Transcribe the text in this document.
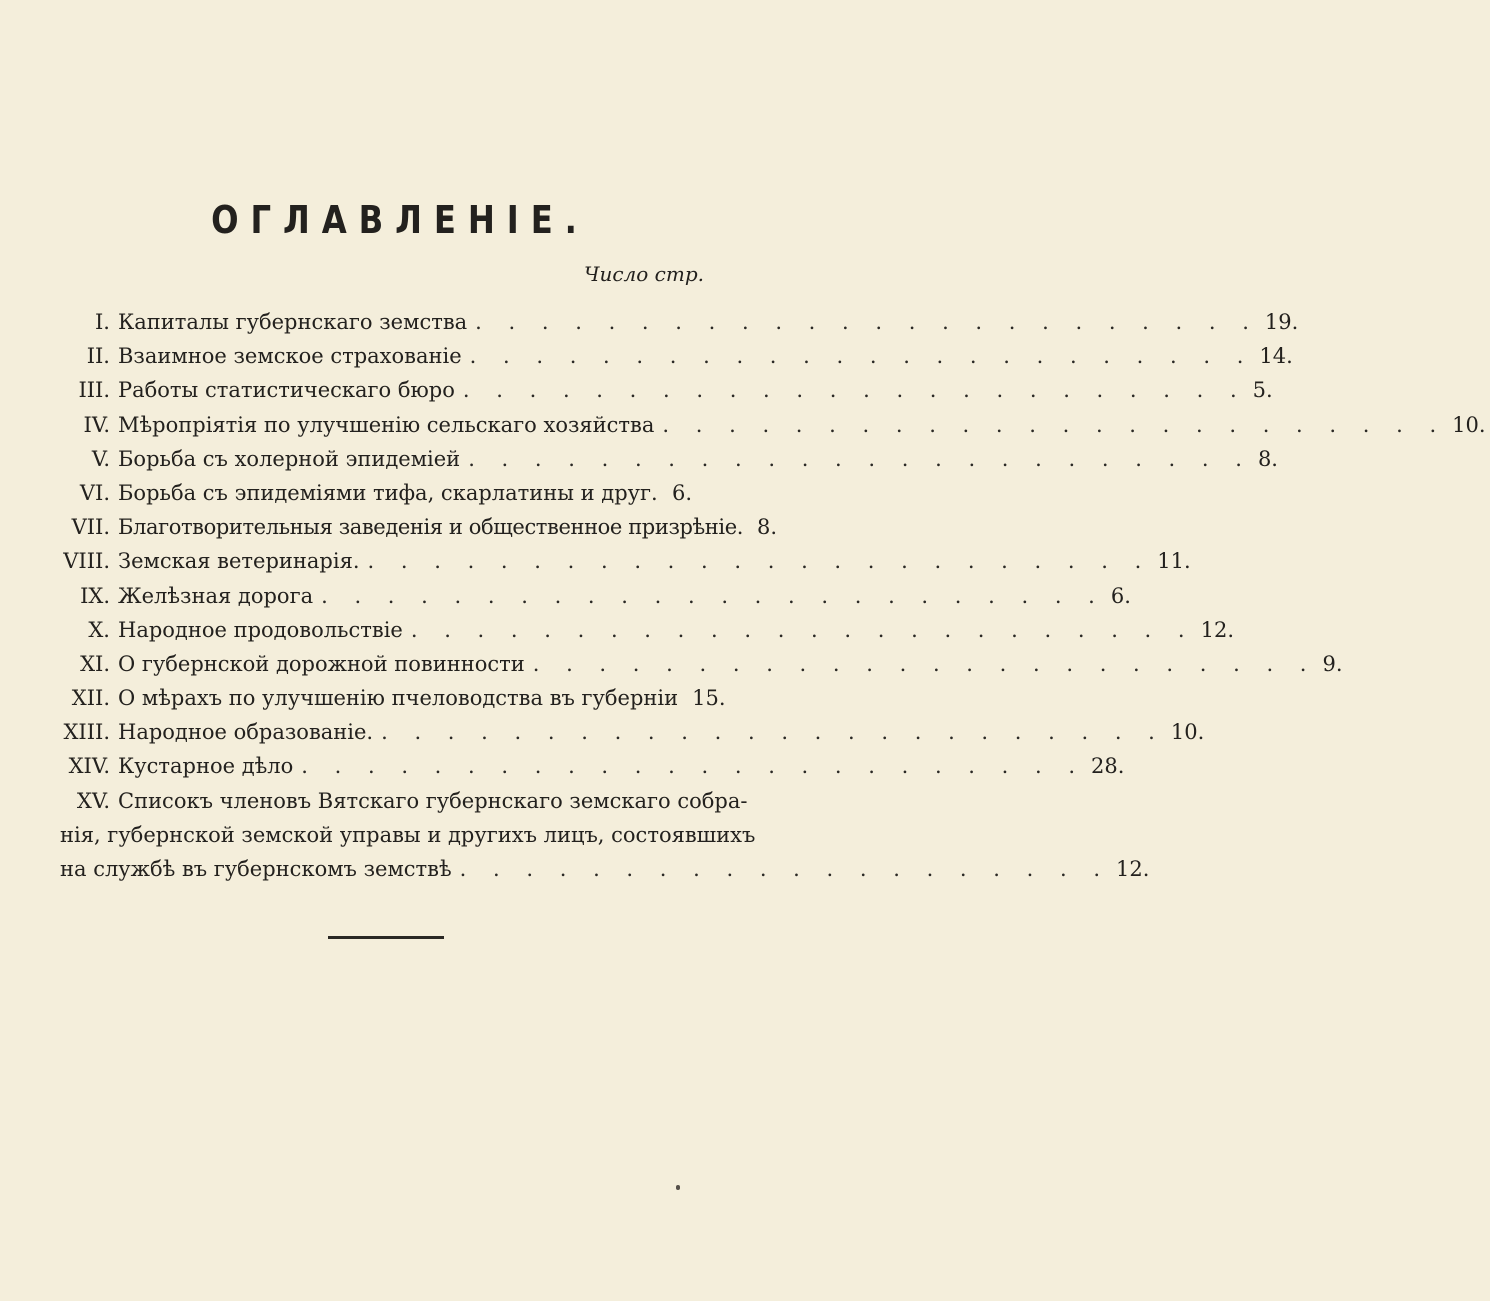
ОГЛАВЛЕНІЕ.

Число стр.

I. Капиталы губернскаго земства . . . . . . . . . . . . . . . . . . . . . . . . 19.
II. Взаимное земское страхованіе . . . . . . . . . . . . . . . . . . . . . . . . 14.
III. Работы статистическаго бюро . . . . . . . . . . . . . . . . . . . . . . . . 5.
IV. Мѣропріятія по улучшенію сельскаго хозяйства . . . . . . . . . . . . . . . . . . . . . . . . 10.
V. Борьба съ холерной эпидеміей . . . . . . . . . . . . . . . . . . . . . . . . 8.
VI. Борьба съ эпидеміями тифа, скарлатины и друг. 6.
VII. Благотворительныя заведенія и общественное призрѣніе. 8.
VIII. Земская ветеринарія. . . . . . . . . . . . . . . . . . . . . . . . . 11.
IX. Желѣзная дорога . . . . . . . . . . . . . . . . . . . . . . . . 6.
X. Народное продовольствіе . . . . . . . . . . . . . . . . . . . . . . . . 12.
XI. О губернской дорожной повинности . . . . . . . . . . . . . . . . . . . . . . . . 9.
XII. О мѣрахъ по улучшенію пчеловодства въ губерніи 15.
XIII. Народное образованіе. . . . . . . . . . . . . . . . . . . . . . . . . 10.
XIV. Кустарное дѣло . . . . . . . . . . . . . . . . . . . . . . . . 28.
XV. Списокъ членовъ Вятскаго губернскаго земскаго собра-
нія, губернской земской управы и другихъ лицъ, состоявшихъ
на службѣ въ губернскомъ земствѣ . . . . . . . . . . . . . . . . . . . . 12.
